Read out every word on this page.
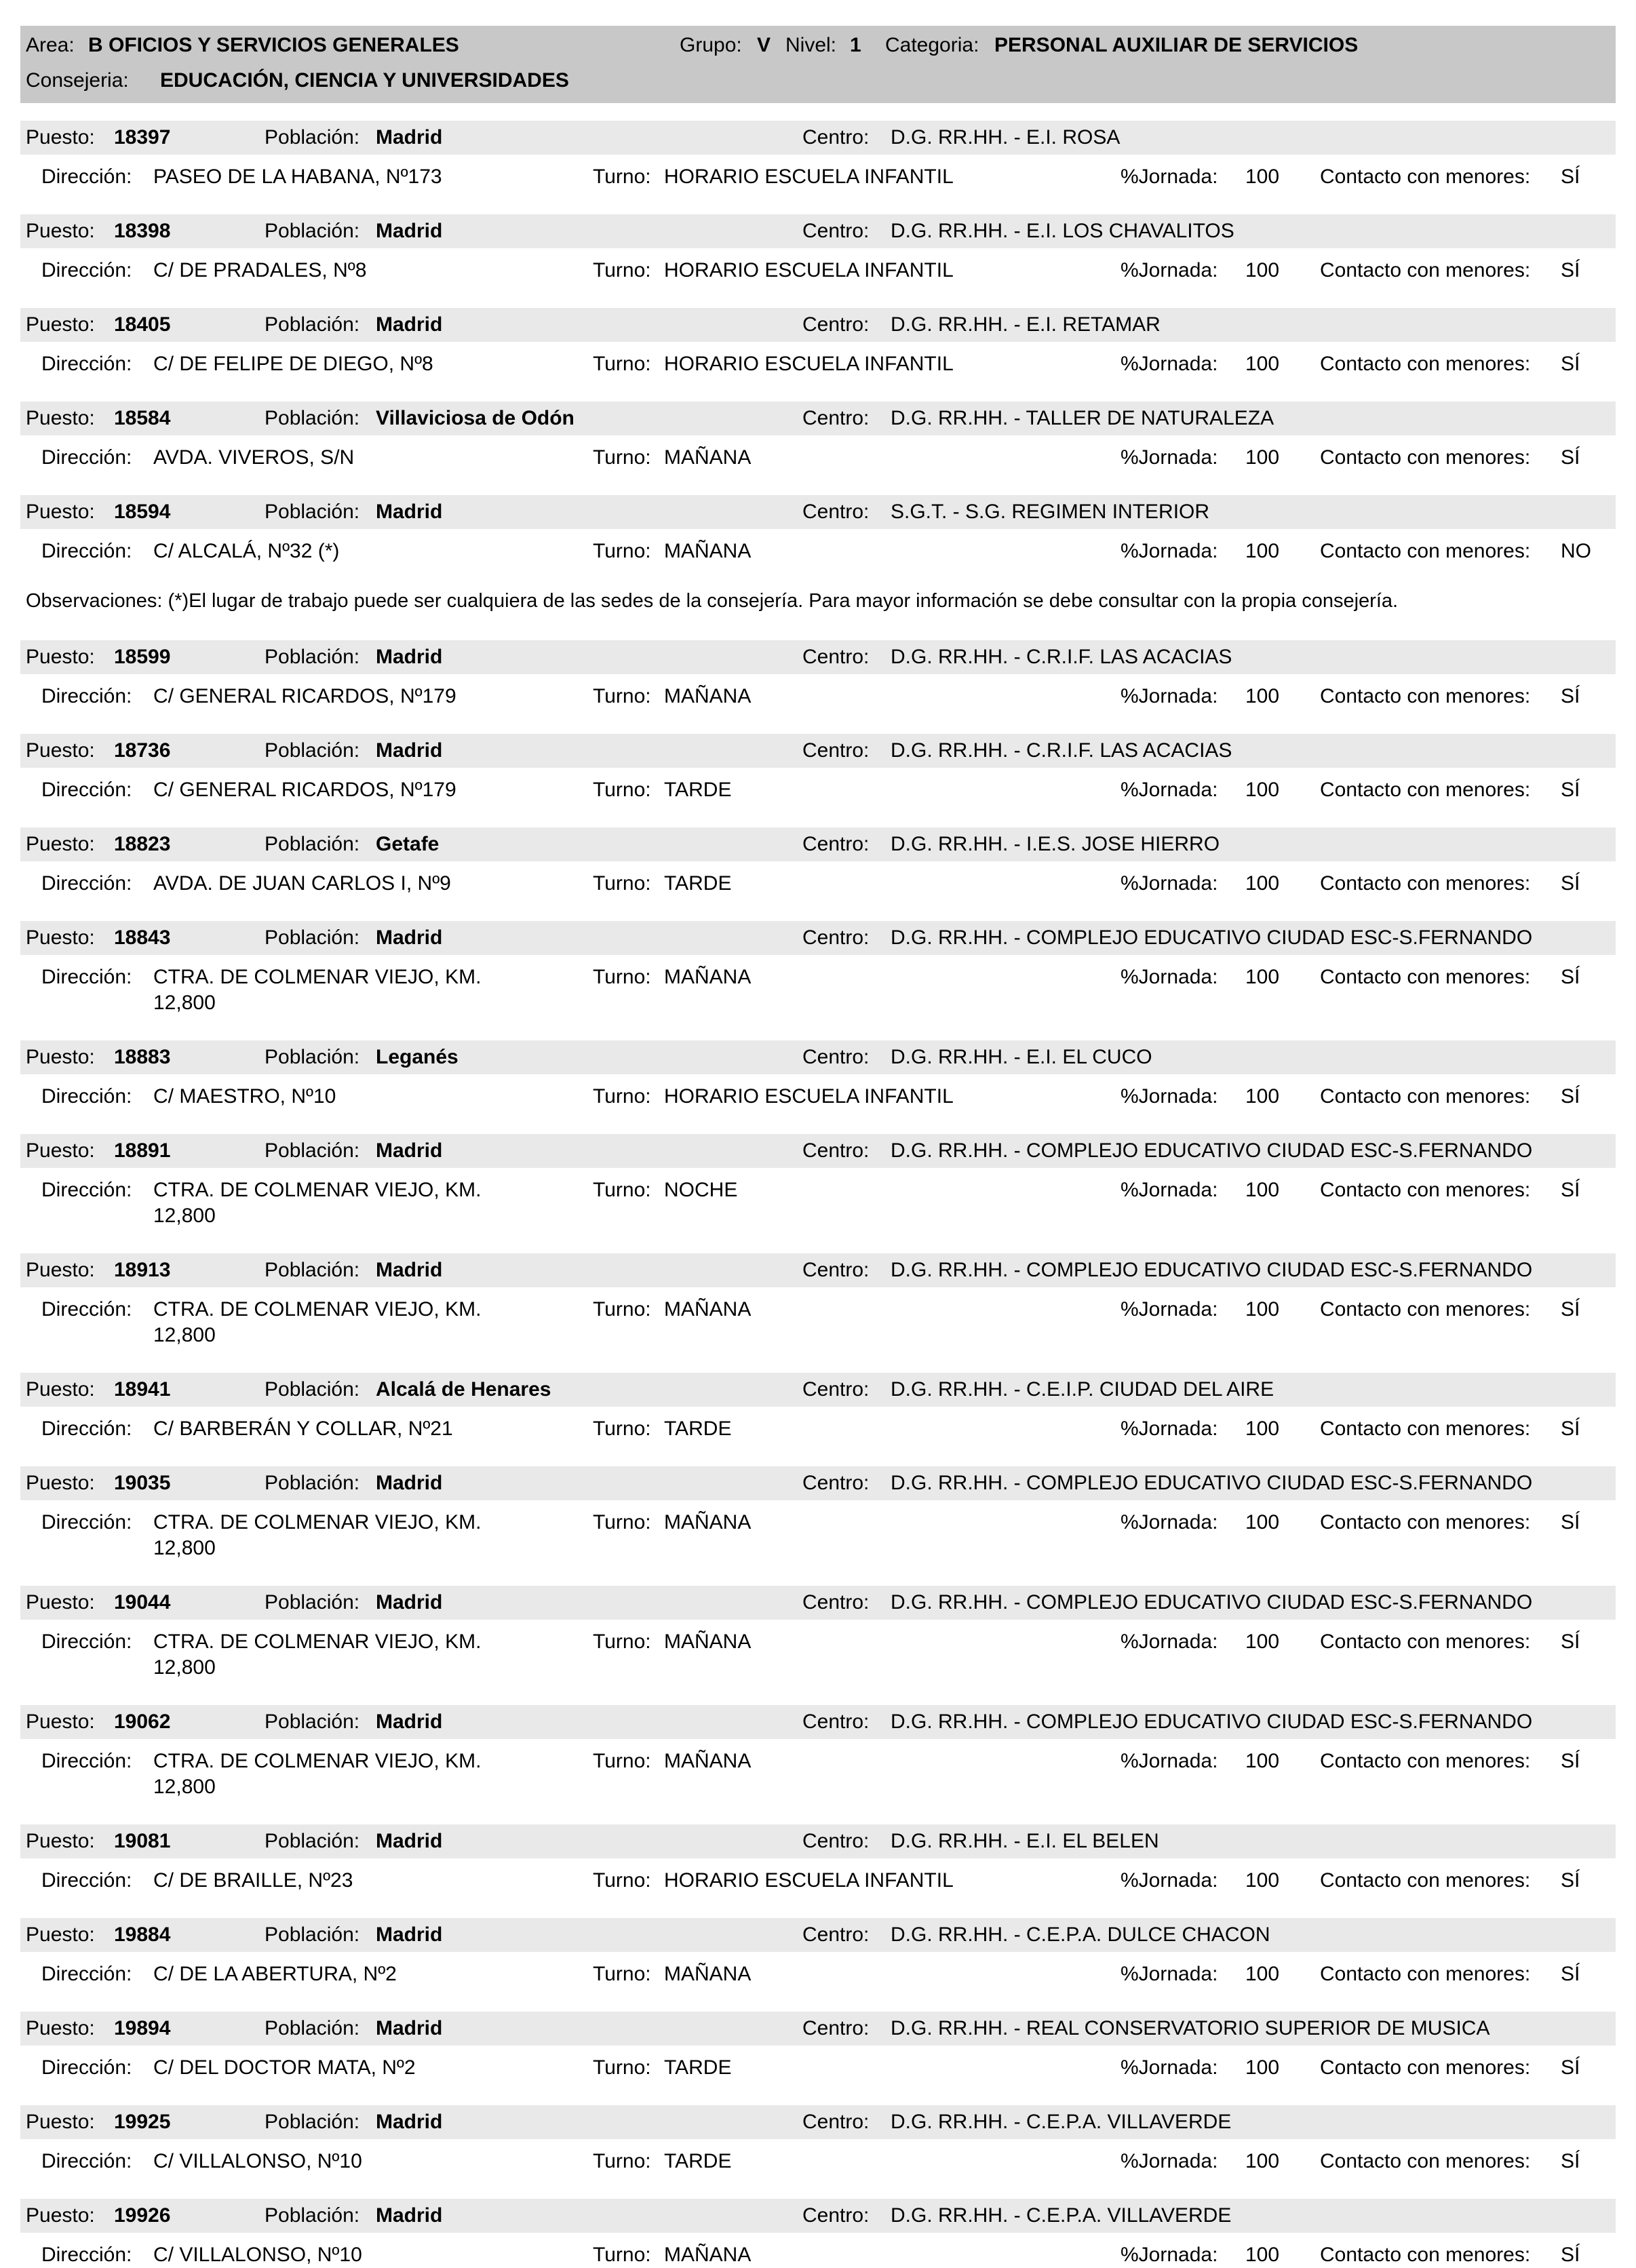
Area: B OFICIOS Y SERVICIOS GENERALES	Grupo: V Nivel: 1	Categoria: PERSONAL AUXILIAR DE SERVICIOS
Consejeria:	EDUCACIÓN, CIENCIA Y UNIVERSIDADES
Puesto: 18397	Población: Madrid	Centro:	D.G. RR.HH. - E.I. ROSA
Dirección:	PASEO DE LA HABANA, Nº173	Turno: HORARIO ESCUELA INFANTIL	%Jornada:	100	Contacto con menores:	SÍ
Puesto: 18398	Población: Madrid	Centro:	D.G. RR.HH. - E.I. LOS CHAVALITOS
Dirección:	C/ DE PRADALES, Nº8	Turno: HORARIO ESCUELA INFANTIL	%Jornada:	100	Contacto con menores:	SÍ
Puesto: 18405	Población: Madrid	Centro:	D.G. RR.HH. - E.I. RETAMAR
Dirección:	C/ DE FELIPE DE DIEGO, Nº8	Turno: HORARIO ESCUELA INFANTIL	%Jornada:	100	Contacto con menores:	SÍ
Puesto: 18584	Población: Villaviciosa de Odón	Centro:	D.G. RR.HH. - TALLER DE NATURALEZA
Dirección:	AVDA. VIVEROS, S/N	Turno: MAÑANA	%Jornada:	100	Contacto con menores:	SÍ
Puesto: 18594	Población: Madrid	Centro:	S.G.T. - S.G. REGIMEN INTERIOR
Dirección:	C/ ALCALÁ, Nº32 (*)	Turno: MAÑANA	%Jornada:	100	Contacto con menores:	NO
Observaciones: (*)El lugar de trabajo puede ser cualquiera de las sedes de la consejería. Para mayor información se debe consultar con la propia consejería.
Puesto: 18599	Población: Madrid	Centro:	D.G. RR.HH. - C.R.I.F. LAS ACACIAS
Dirección:	C/ GENERAL RICARDOS, Nº179	Turno: MAÑANA	%Jornada:	100	Contacto con menores:	SÍ
Puesto: 18736	Población: Madrid	Centro:	D.G. RR.HH. - C.R.I.F. LAS ACACIAS
Dirección:	C/ GENERAL RICARDOS, Nº179	Turno: TARDE	%Jornada:	100	Contacto con menores:	SÍ
Puesto: 18823	Población: Getafe	Centro:	D.G. RR.HH. - I.E.S. JOSE HIERRO
Dirección:	AVDA. DE JUAN CARLOS I, Nº9	Turno: TARDE	%Jornada:	100	Contacto con menores:	SÍ
Puesto: 18843	Población: Madrid	Centro:	D.G. RR.HH. - COMPLEJO EDUCATIVO CIUDAD ESC-S.FERNANDO
Dirección:	CTRA. DE COLMENAR VIEJO, KM. 12,800
Turno: MAÑANA	%Jornada:	100	Contacto con menores:	SÍ
Puesto: 18883	Población: Leganés	Centro:	D.G. RR.HH. - E.I. EL CUCO
Dirección:	C/ MAESTRO, Nº10	Turno: HORARIO ESCUELA INFANTIL	%Jornada:	100	Contacto con menores:	SÍ
Puesto: 18891	Población: Madrid	Centro:	D.G. RR.HH. - COMPLEJO EDUCATIVO CIUDAD ESC-S.FERNANDO
Dirección:	CTRA. DE COLMENAR VIEJO, KM. 12,800
Turno: NOCHE	%Jornada:	100	Contacto con menores:	SÍ
Puesto: 18913	Población: Madrid	Centro:	D.G. RR.HH. - COMPLEJO EDUCATIVO CIUDAD ESC-S.FERNANDO
Dirección:	CTRA. DE COLMENAR VIEJO, KM. 12,800
Turno: MAÑANA	%Jornada:	100	Contacto con menores:	SÍ
Puesto: 18941	Población: Alcalá de Henares	Centro:	D.G. RR.HH. - C.E.I.P. CIUDAD DEL AIRE
Dirección:	C/ BARBERÁN Y COLLAR, Nº21	Turno: TARDE	%Jornada:	100	Contacto con menores:	SÍ
Puesto: 19035	Población: Madrid	Centro:	D.G. RR.HH. - COMPLEJO EDUCATIVO CIUDAD ESC-S.FERNANDO
Dirección:	CTRA. DE COLMENAR VIEJO, KM. 12,800
Turno: MAÑANA	%Jornada:	100	Contacto con menores:	SÍ
Puesto: 19044	Población: Madrid	Centro:	D.G. RR.HH. - COMPLEJO EDUCATIVO CIUDAD ESC-S.FERNANDO
Dirección:	CTRA. DE COLMENAR VIEJO, KM. 12,800
Turno: MAÑANA	%Jornada:	100	Contacto con menores:	SÍ
Puesto: 19062	Población: Madrid	Centro:	D.G. RR.HH. - COMPLEJO EDUCATIVO CIUDAD ESC-S.FERNANDO
Dirección:	CTRA. DE COLMENAR VIEJO, KM. 12,800
Turno: MAÑANA	%Jornada:	100	Contacto con menores:	SÍ
Puesto: 19081	Población: Madrid	Centro:	D.G. RR.HH. - E.I. EL BELEN
Dirección:	C/ DE BRAILLE, Nº23	Turno: HORARIO ESCUELA INFANTIL	%Jornada:	100	Contacto con menores:	SÍ
Puesto: 19884	Población: Madrid	Centro:	D.G. RR.HH. - C.E.P.A. DULCE CHACON
Dirección:	C/ DE LA ABERTURA, Nº2	Turno: MAÑANA	%Jornada:	100	Contacto con menores:	SÍ
Puesto: 19894	Población: Madrid	Centro:	D.G. RR.HH. - REAL CONSERVATORIO SUPERIOR DE MUSICA
Dirección:	C/ DEL DOCTOR MATA, Nº2	Turno: TARDE	%Jornada:	100	Contacto con menores:	SÍ
Puesto: 19925	Población: Madrid	Centro:	D.G. RR.HH. - C.E.P.A. VILLAVERDE
Dirección:	C/ VILLALONSO, Nº10	Turno: TARDE	%Jornada:	100	Contacto con menores:	SÍ
Puesto: 19926	Población: Madrid	Centro:	D.G. RR.HH. - C.E.P.A. VILLAVERDE
Dirección:	C/ VILLALONSO, Nº10	Turno: MAÑANA	%Jornada:	100	Contacto con menores:	SÍ
